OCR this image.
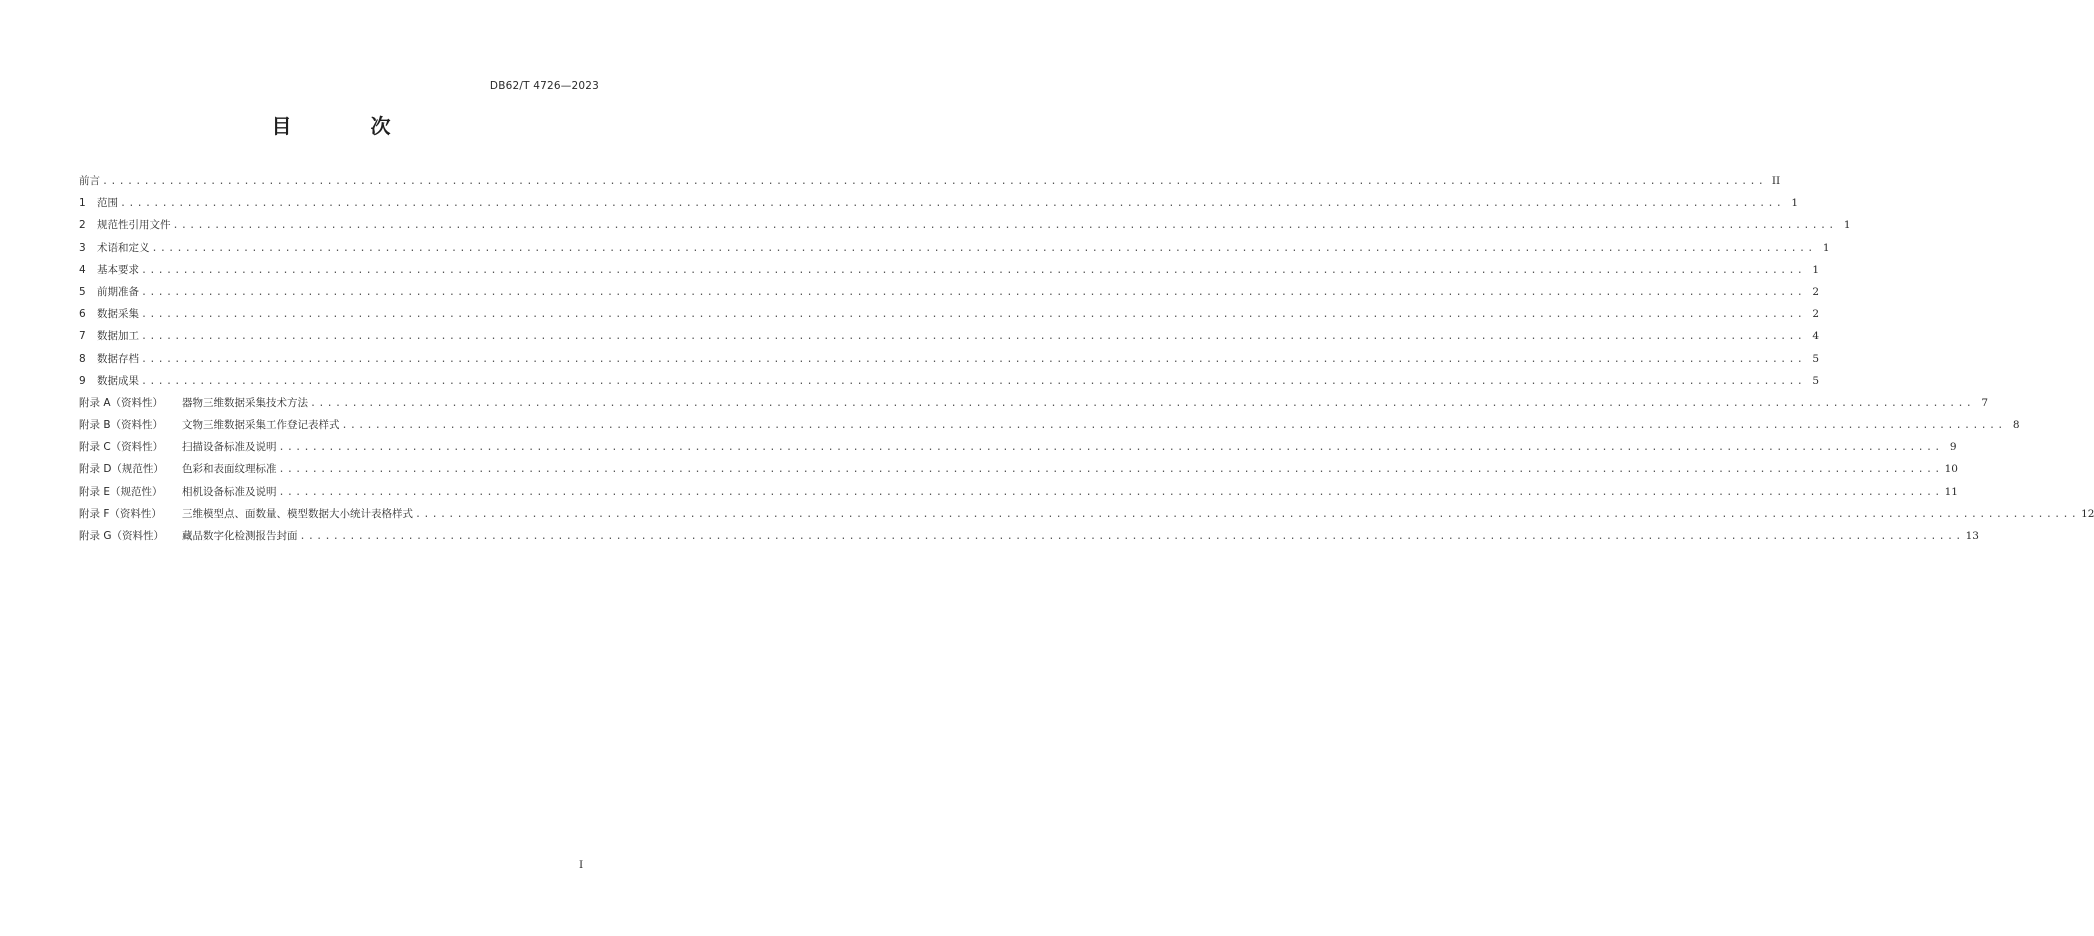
DB62/T 4726—2023
目 次
前言 ........................................................................................................................................................................................................ II
1 范围 ........................................................................................................................................................................................................ 1
2 规范性引用文件 ........................................................................................................................................................................................................ 1
3 术语和定义 ........................................................................................................................................................................................................ 1
4 基本要求 ........................................................................................................................................................................................................ 1
5 前期准备 ........................................................................................................................................................................................................ 2
6 数据采集 ........................................................................................................................................................................................................ 2
7 数据加工 ........................................................................................................................................................................................................ 4
8 数据存档 ........................................................................................................................................................................................................ 5
9 数据成果 ........................................................................................................................................................................................................ 5
附录 A（资料性） 器物三维数据采集技术方法 ........................................................................................................................................................................................................ 7
附录 B（资料性） 文物三维数据采集工作登记表样式 ........................................................................................................................................................................................................ 8
附录 C（资料性） 扫描设备标准及说明 ........................................................................................................................................................................................................ 9
附录 D（规范性） 色彩和表面纹理标准 ........................................................................................................................................................................................................ 10
附录 E（规范性） 相机设备标准及说明 ........................................................................................................................................................................................................ 11
附录 F（资料性） 三维模型点、面数量、模型数据大小统计表格样式 ........................................................................................................................................................................................................ 12
附录 G（资料性） 藏品数字化检测报告封面 ........................................................................................................................................................................................................ 13
I
